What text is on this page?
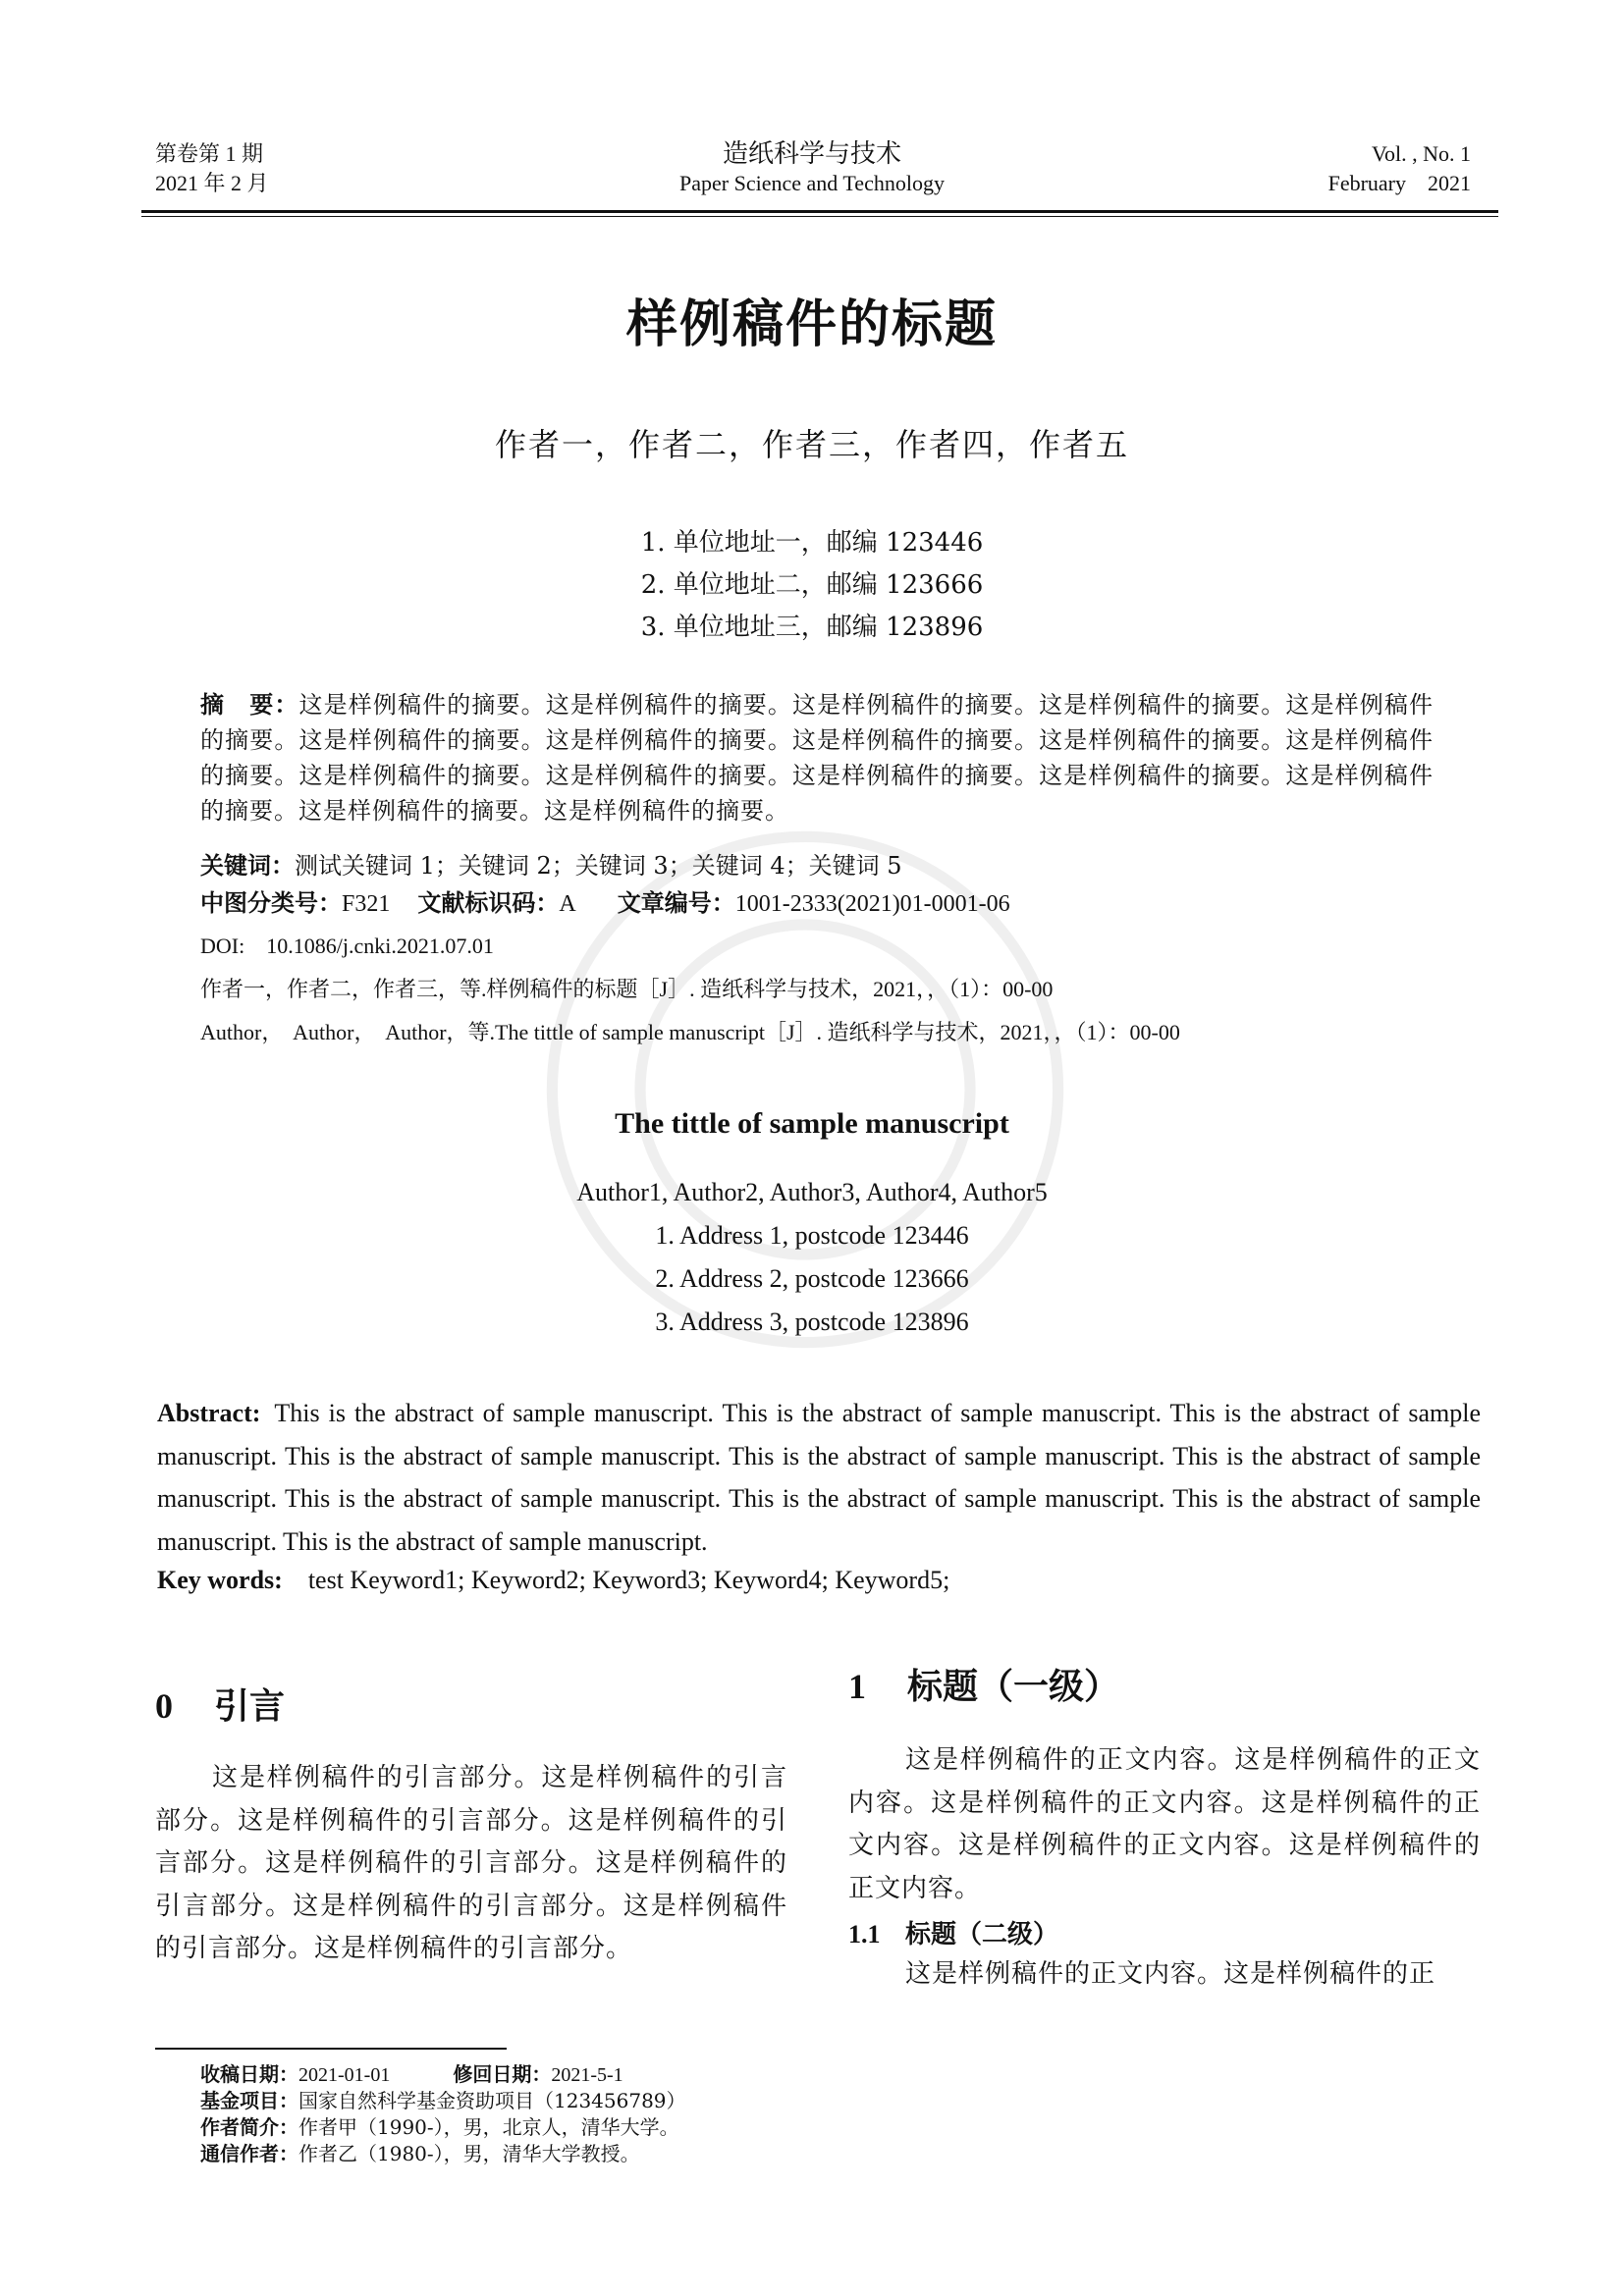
第卷第 1 期
2021 年 2 月
造纸科学与技术
Paper Science and Technology
Vol. , No. 1
February    2021
样例稿件的标题
作者一，作者二，作者三，作者四，作者五
1. 单位地址一，邮编 123446
2. 单位地址二，邮编 123666
3. 单位地址三，邮编 123896
摘　要：这是样例稿件的摘要。这是样例稿件的摘要。这是样例稿件的摘要。这是样例稿件的摘要。这是样例稿件的摘要。这是样例稿件的摘要。这是样例稿件的摘要。这是样例稿件的摘要。这是样例稿件的摘要。这是样例稿件的摘要。这是样例稿件的摘要。这是样例稿件的摘要。这是样例稿件的摘要。这是样例稿件的摘要。这是样例稿件的摘要。这是样例稿件的摘要。这是样例稿件的摘要。
关键词：测试关键词 1；关键词 2；关键词 3；关键词 4；关键词 5
中图分类号：F321 文献标识码：A 文章编号：1001-2333(2021)01-0001-06
DOI: 10.1086/j.cnki.2021.07.01
作者一，作者二，作者三，等.样例稿件的标题［J］. 造纸科学与技术，2021，，（1）：00-00
Author，  Author，  Author，等.The tittle of sample manuscript［J］. 造纸科学与技术，2021，，（1）：00-00
The tittle of sample manuscript
Author1, Author2, Author3, Author4, Author5
1. Address 1, postcode 123446
2. Address 2, postcode 123666
3. Address 3, postcode 123896
Abstract: This is the abstract of sample manuscript. This is the abstract of sample manuscript. This is the abstract of sample manuscript. This is the abstract of sample manuscript. This is the abstract of sample manuscript. This is the abstract of sample manuscript. This is the abstract of sample manuscript. This is the abstract of sample manuscript. This is the abstract of sample manuscript. This is the abstract of sample manuscript.
Key words: test Keyword1; Keyword2; Keyword3; Keyword4; Keyword5;
0 引言
这是样例稿件的引言部分。这是样例稿件的引言部分。这是样例稿件的引言部分。这是样例稿件的引言部分。这是样例稿件的引言部分。这是样例稿件的引言部分。这是样例稿件的引言部分。这是样例稿件的引言部分。这是样例稿件的引言部分。
1 标题（一级）
这是样例稿件的正文内容。这是样例稿件的正文内容。这是样例稿件的正文内容。这是样例稿件的正文内容。这是样例稿件的正文内容。这是样例稿件的正文内容。
1.1 标题（二级）
这是样例稿件的正文内容。这是样例稿件的正
收稿日期：2021-01-01	修回日期：2021-5-1
基金项目：国家自然科学基金资助项目（123456789）
作者简介：作者甲（1990-），男，北京人，清华大学。
通信作者：作者乙（1980-），男，清华大学教授。
